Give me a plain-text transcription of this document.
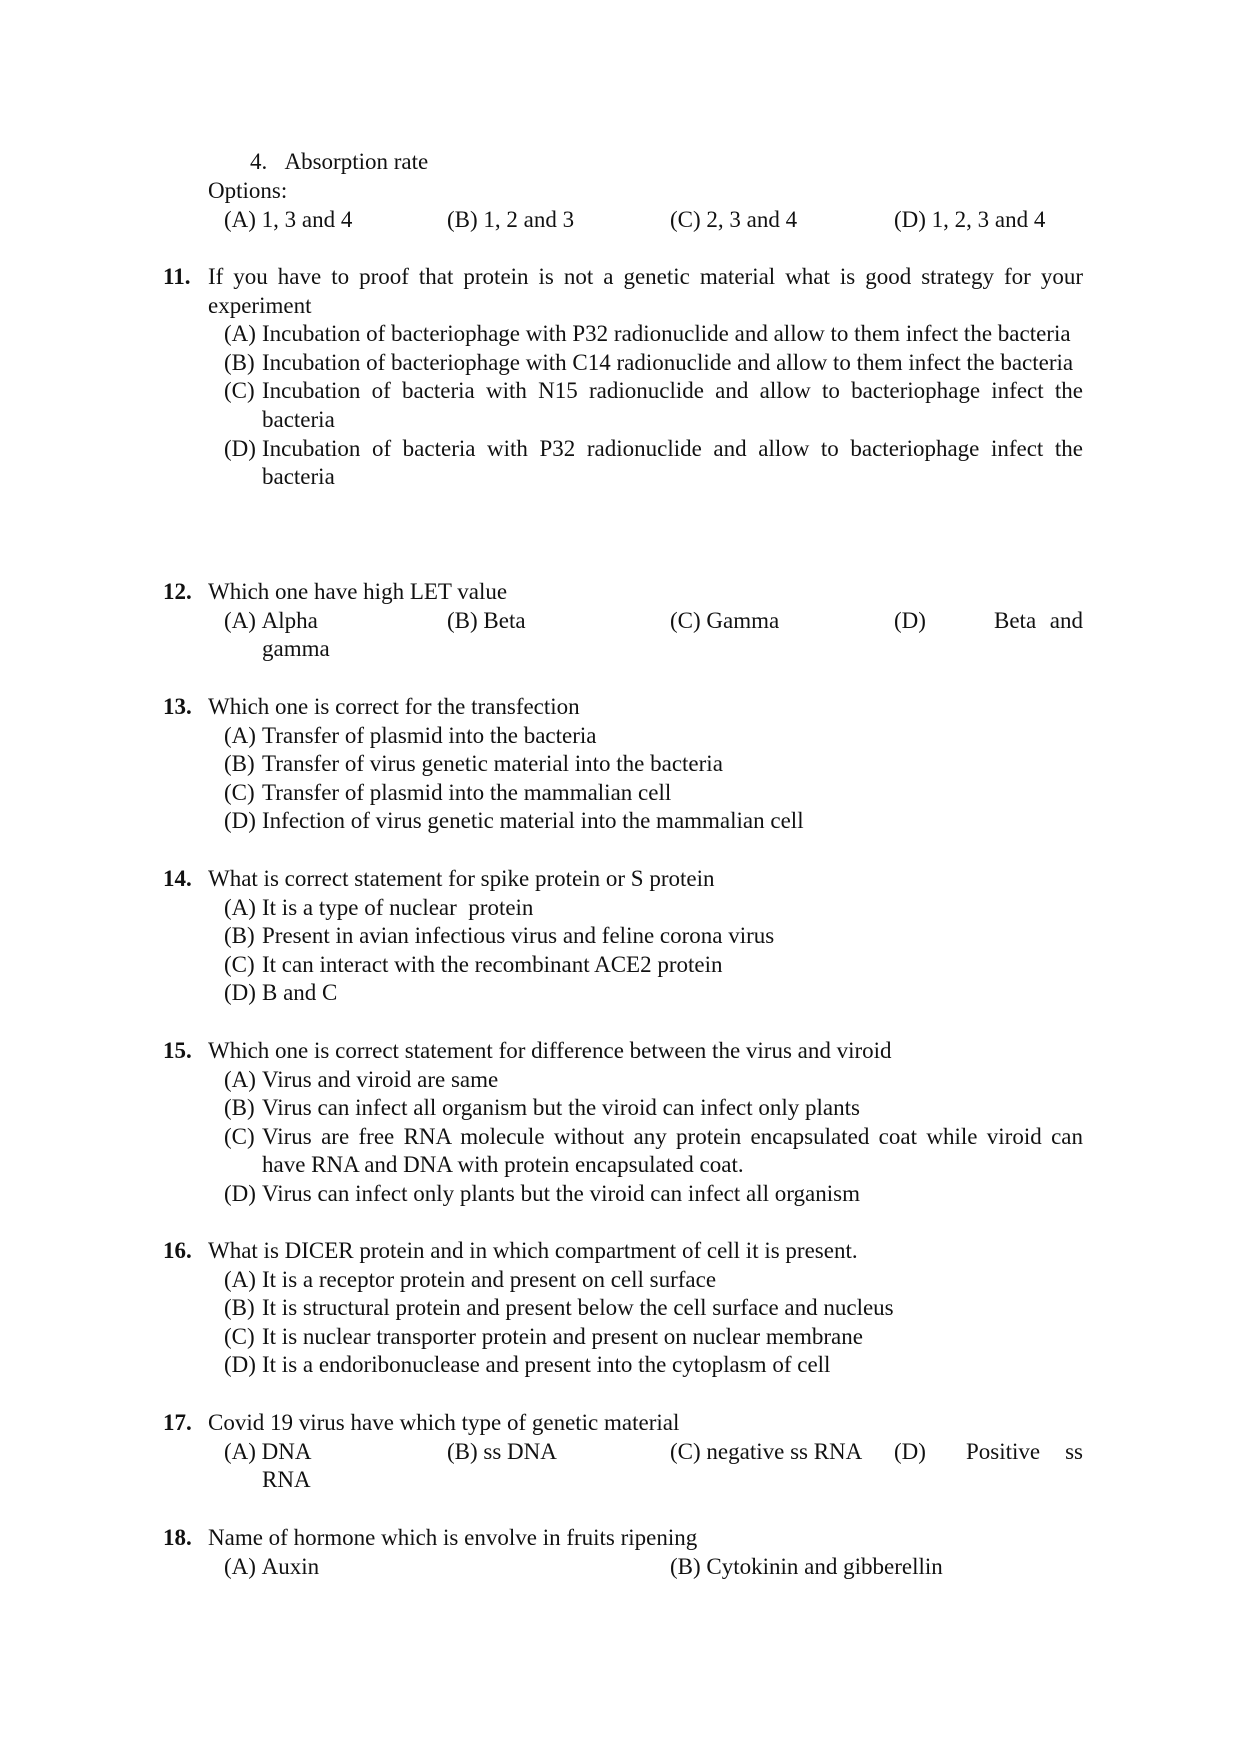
4.   Absorption rate
Options:
(A) 1, 3 and 4	(B) 1, 2 and 3	(C) 2, 3 and 4	(D) 1, 2, 3 and 4
11. If you have to proof that protein is not a genetic material what is good strategy for your experiment
(A) Incubation of bacteriophage with P32 radionuclide and allow to them infect the bacteria
(B) Incubation of bacteriophage with C14 radionuclide and allow to them infect the bacteria
(C) Incubation of bacteria with N15 radionuclide and allow to bacteriophage infect the bacteria
(D) Incubation of bacteria with P32 radionuclide and allow to bacteriophage infect the bacteria
12. Which one have high LET value
(A) Alpha	(B) Beta	(C) Gamma	(D)	Beta and
gamma
13. Which one is correct for the transfection
(A) Transfer of plasmid into the bacteria
(B) Transfer of virus genetic material into the bacteria
(C) Transfer of plasmid into the mammalian cell
(D) Infection of virus genetic material into the mammalian cell
14. What is correct statement for spike protein or S protein
(A) It is a type of nuclear  protein
(B) Present in avian infectious virus and feline corona virus
(C) It can interact with the recombinant ACE2 protein
(D) B and C
15. Which one is correct statement for difference between the virus and viroid
(A) Virus and viroid are same
(B) Virus can infect all organism but the viroid can infect only plants
(C) Virus are free RNA molecule without any protein encapsulated coat while viroid can have RNA and DNA with protein encapsulated coat.
(D) Virus can infect only plants but the viroid can infect all organism
16. What is DICER protein and in which compartment of cell it is present.
(A) It is a receptor protein and present on cell surface
(B) It is structural protein and present below the cell surface and nucleus
(C) It is nuclear transporter protein and present on nuclear membrane
(D) It is a endoribonuclease and present into the cytoplasm of cell
17. Covid 19 virus have which type of genetic material
(A) DNA	(B) ss DNA	(C) negative ss RNA (D) Positive ss
RNA
18. Name of hormone which is envolve in fruits ripening
(A) Auxin	(B) Cytokinin and gibberellin
